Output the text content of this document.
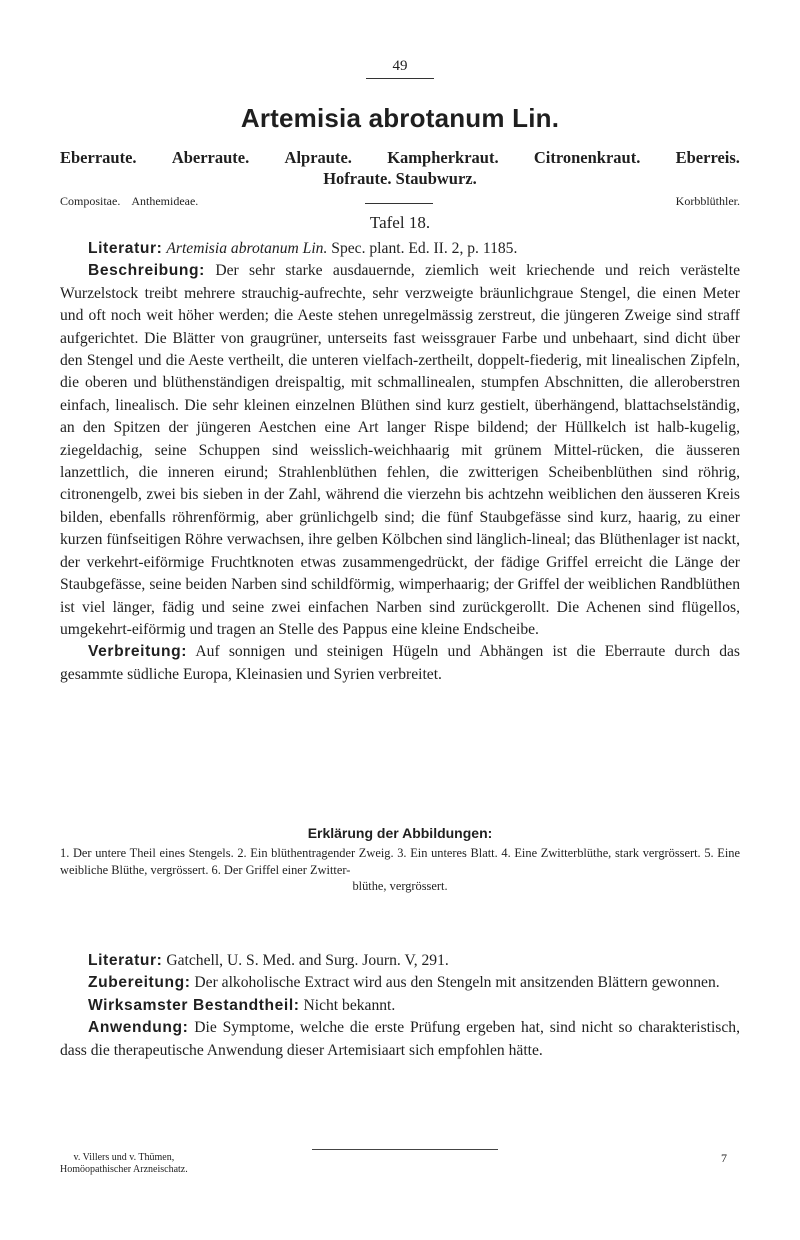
49
Artemisia abrotanum Lin.
Eberraute. Aberraute. Alpraute. Kampherkraut. Citronenkraut. Eberreis.
Hofraute. Staubwurz.
Compositae. Anthemideae.	Korbblüthler.
Tafel 18.

Literatur: Artemisia abrotanum Lin. Spec. plant. Ed. II. 2, p. 1185.

Beschreibung: Der sehr starke ausdauernde, ziemlich weit kriechende und reich verästelte Wurzelstock treibt mehrere strauchig-aufrechte, sehr verzweigte bräunlichgraue Stengel, die einen Meter und oft noch weit höher werden; die Aeste stehen unregelmässig zerstreut, die jüngeren Zweige sind straff aufgerichtet. Die Blätter von graugrüner, unterseits fast weissgrauer Farbe und unbehaart, sind dicht über den Stengel und die Aeste vertheilt, die unteren vielfach-zertheilt, doppelt-fiederig, mit linealischen Zipfeln, die oberen und blüthenständigen dreispaltig, mit schmallinealen, stumpfen Abschnitten, die alleroberstren einfach, linealisch. Die sehr kleinen einzelnen Blüthen sind kurz gestielt, überhängend, blattachselständig, an den Spitzen der jüngeren Aestchen eine Art langer Rispe bildend; der Hüllkelch ist halb-kugelig, ziegeldachig, seine Schuppen sind weisslich-weichhaarig mit grünem Mittel-rücken, die äusseren lanzettlich, die inneren eirund; Strahlenblüthen fehlen, die zwitterigen Scheibenblüthen sind röhrig, citronengelb, zwei bis sieben in der Zahl, während die vierzehn bis achtzehn weiblichen den äusseren Kreis bilden, ebenfalls röhrenförmig, aber grünlichgelb sind; die fünf Staubgefässe sind kurz, haarig, zu einer kurzen fünfseitigen Röhre verwachsen, ihre gelben Kölbchen sind länglich-lineal; das Blüthenlager ist nackt, der verkehrt-eiförmige Fruchtknoten etwas zusammengedrückt, der fädige Griffel erreicht die Länge der Staubgefässe, seine beiden Narben sind schildförmig, wimperhaarig; der Griffel der weiblichen Randblüthen ist viel länger, fädig und seine zwei einfachen Narben sind zurückgerollt. Die Achenen sind flügellos, umgekehrt-eiförmig und tragen an Stelle des Pappus eine kleine Endscheibe.

Verbreitung: Auf sonnigen und steinigen Hügeln und Abhängen ist die Eberraute durch das gesammte südliche Europa, Kleinasien und Syrien verbreitet.

Erklärung der Abbildungen:
1. Der untere Theil eines Stengels. 2. Ein blüthentragender Zweig. 3. Ein unteres Blatt. 4. Eine Zwitterblüthe, stark vergrössert. 5. Eine weibliche Blüthe, vergrössert. 6. Der Griffel einer Zwitter-
blüthe, vergrössert.

Literatur: Gatchell, U. S. Med. and Surg. Journ. V, 291.

Zubereitung: Der alkoholische Extract wird aus den Stengeln mit ansitzenden Blättern gewonnen.

Wirksamster Bestandtheil: Nicht bekannt.

Anwendung: Die Symptome, welche die erste Prüfung ergeben hat, sind nicht so charakteristisch, dass die therapeutische Anwendung dieser Artemisiaart sich empfohlen hätte.

v. Villers und v. Thümen,
Homöopathischer Arzneischatz.
7
